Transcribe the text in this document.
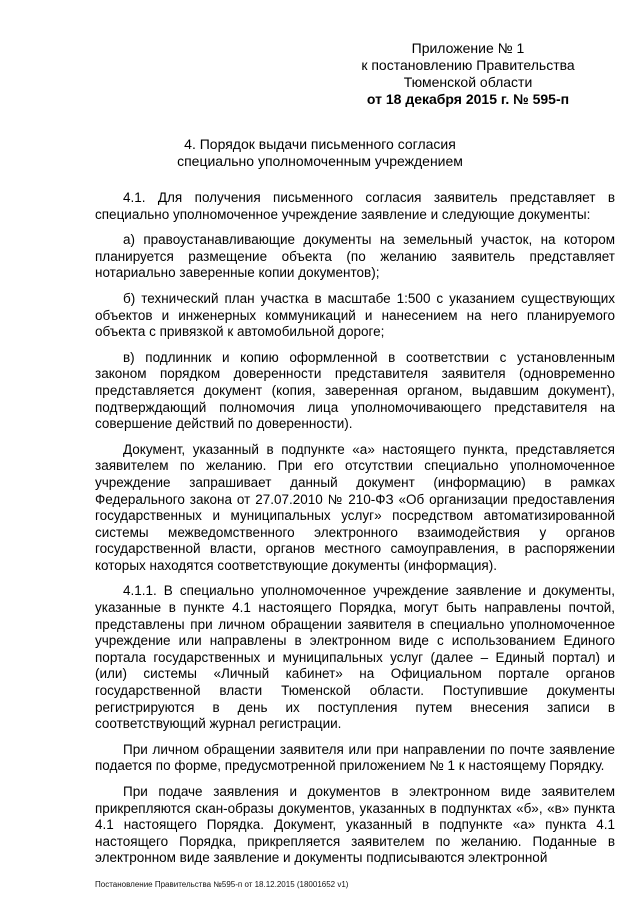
Приложение № 1
к постановлению Правительства
Тюменской области
от 18 декабря 2015 г. № 595-п
4. Порядок выдачи письменного согласия
специально уполномоченным учреждением

4.1. Для получения письменного согласия заявитель представляет в специально уполномоченное учреждение заявление и следующие документы:

а) правоустанавливающие документы на земельный участок, на котором планируется размещение объекта (по желанию заявитель представляет нотариально заверенные копии документов);

б) технический план участка в масштабе 1:500 с указанием существующих объектов и инженерных коммуникаций и нанесением на него планируемого объекта с привязкой к автомобильной дороге;

в) подлинник и копию оформленной в соответствии с установленным законом порядком доверенности представителя заявителя (одновременно представляется документ (копия, заверенная органом, выдавшим документ), подтверждающий полномочия лица уполномочивающего представителя на совершение действий по доверенности).

Документ, указанный в подпункте «а» настоящего пункта, представляется заявителем по желанию. При его отсутствии специально уполномоченное учреждение запрашивает данный документ (информацию) в рамках Федерального закона от 27.07.2010 № 210-ФЗ «Об организации предоставления государственных и муниципальных услуг» посредством автоматизированной системы межведомственного электронного взаимодействия у органов государственной власти, органов местного самоуправления, в распоряжении которых находятся соответствующие документы (информация).

4.1.1. В специально уполномоченное учреждение заявление и документы, указанные в пункте 4.1 настоящего Порядка, могут быть направлены почтой, представлены при личном обращении заявителя в специально уполномоченное учреждение или направлены в электронном виде с использованием Единого портала государственных и муниципальных услуг (далее – Единый портал) и (или) системы «Личный кабинет» на Официальном портале органов государственной власти Тюменской области. Поступившие документы регистрируются в день их поступления путем внесения записи в соответствующий журнал регистрации.

При личном обращении заявителя или при направлении по почте заявление подается по форме, предусмотренной приложением № 1 к настоящему Порядку.

При подаче заявления и документов в электронном виде заявителем прикрепляются скан-образы документов, указанных в подпунктах «б», «в» пункта 4.1 настоящего Порядка. Документ, указанный в подпункте «а» пункта 4.1 настоящего Порядка, прикрепляется заявителем по желанию. Поданные в электронном виде заявление и документы подписываются электронной

Постановление Правительства №595-п от 18.12.2015 (18001652 v1)
